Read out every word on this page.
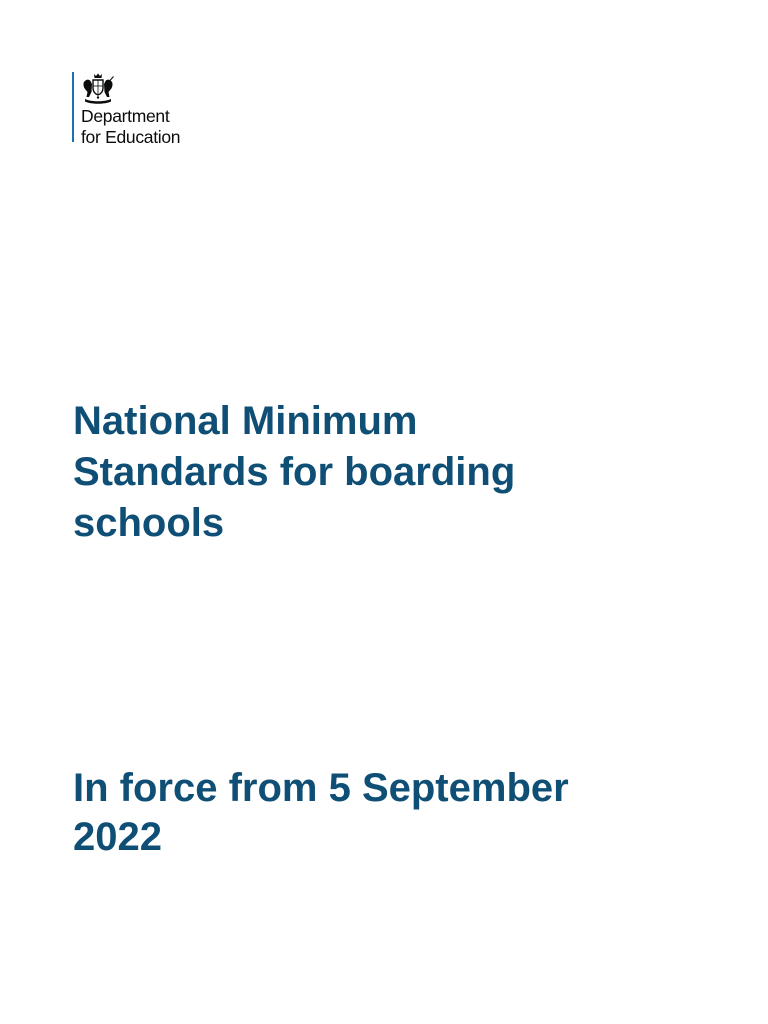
Department
for Education
National Minimum
Standards for boarding
schools
In force from 5 September
2022
